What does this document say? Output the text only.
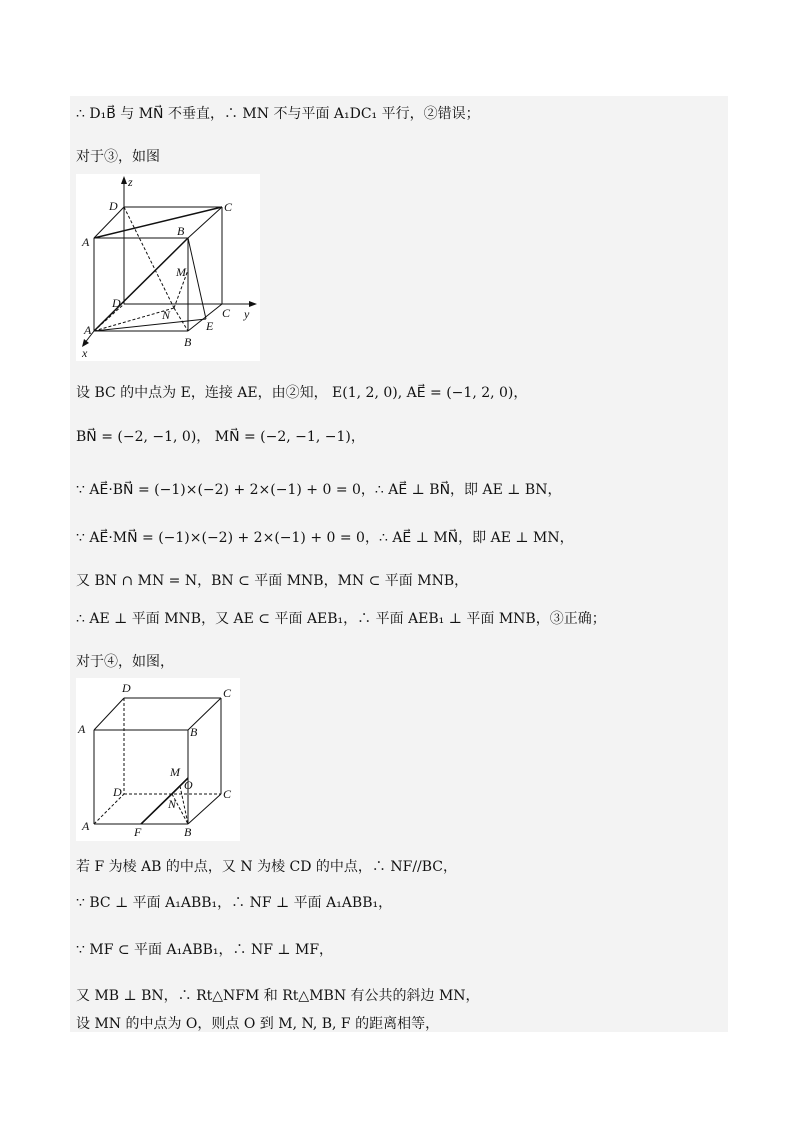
∴ D₁B⃗ 与 MN⃗ 不垂直，∴ MN 不与平面 A₁DC₁ 平行，②错误；
对于③，如图
z
y
x
A
D	C
B
M
D
N	C
E
A
B
设 BC 的中点为 E，连接 AE，由②知， E(1, 2, 0), AE⃗ = (−1, 2, 0)，
BN⃗ = (−2, −1, 0)， MN⃗ = (−2, −1, −1)，
∵ AE⃗·BN⃗ = (−1)×(−2) + 2×(−1) + 0 = 0，∴ AE⃗ ⊥ BN⃗，即 AE ⊥ BN，
∵ AE⃗·MN⃗ = (−1)×(−2) + 2×(−1) + 0 = 0，∴ AE⃗ ⊥ MN⃗，即 AE ⊥ MN，
又 BN ∩ MN = N，BN ⊂ 平面 MNB，MN ⊂ 平面 MNB，
∴ AE ⊥ 平面 MNB，又 AE ⊂ 平面 AEB₁，∴ 平面 AEB₁ ⊥ 平面 MNB，③正确；
对于④，如图，
D	C
A	B
M
O
N
D	C
A	F	B
若 F 为棱 AB 的中点，又 N 为棱 CD 的中点，∴ NF//BC，
∵ BC ⊥ 平面 A₁ABB₁，∴ NF ⊥ 平面 A₁ABB₁，
∵ MF ⊂ 平面 A₁ABB₁，∴ NF ⊥ MF，
又 MB ⊥ BN，∴ Rt△NFM 和 Rt△MBN 有公共的斜边 MN，
设 MN 的中点为 O，则点 O 到 M, N, B, F 的距离相等，
